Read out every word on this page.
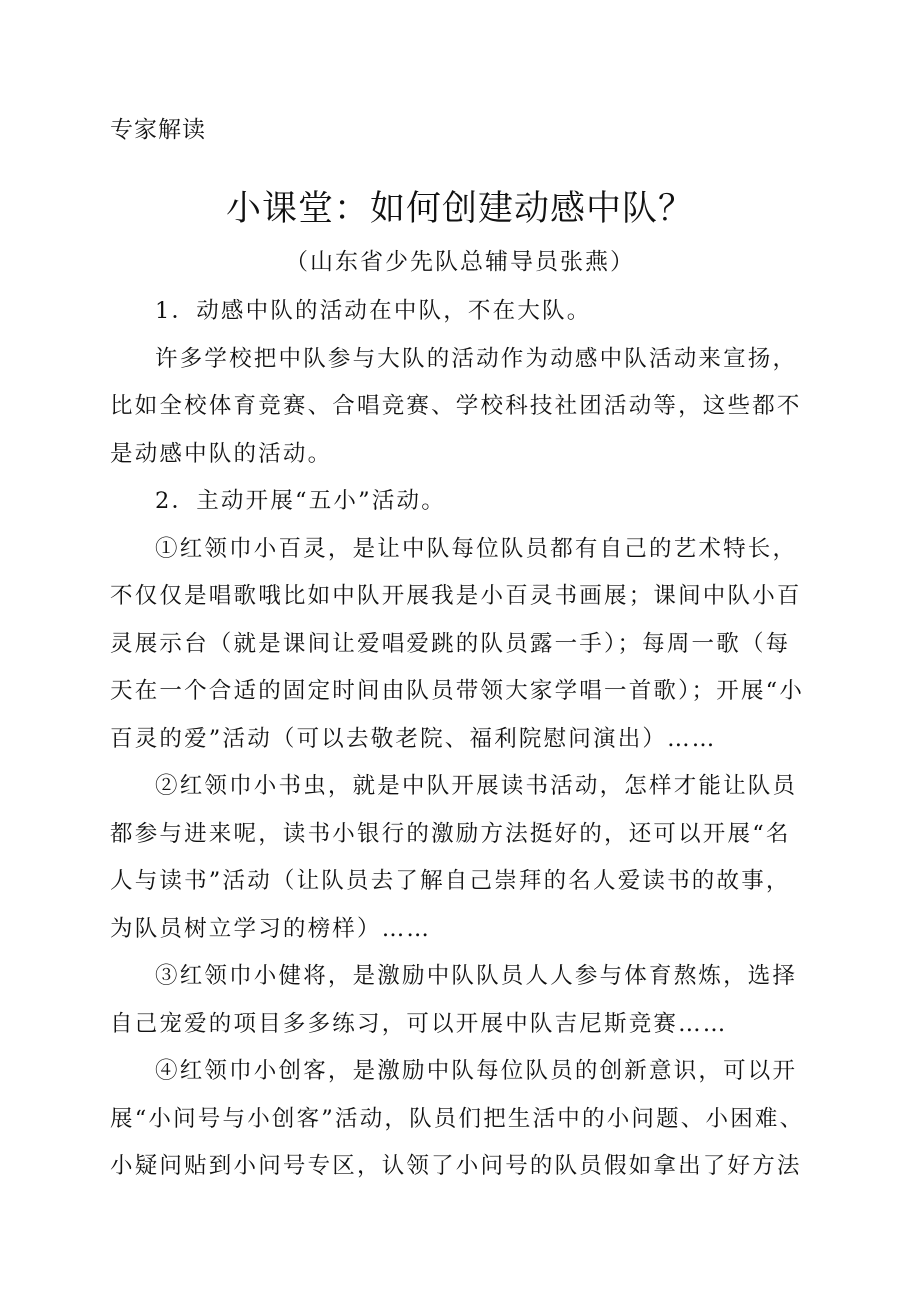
专家解读
小课堂：如何创建动感中队？
（山东省少先队总辅导员张燕）

1．动感中队的活动在中队，不在大队。

许多学校把中队参与大队的活动作为动感中队活动来宣扬，比如全校体育竞赛、合唱竞赛、学校科技社团活动等，这些都不是动感中队的活动。

2．主动开展“五小”活动。

①红领巾小百灵，是让中队每位队员都有自己的艺术特长，不仅仅是唱歌哦比如中队开展我是小百灵书画展；课间中队小百灵展示台（就是课间让爱唱爱跳的队员露一手）；每周一歌（每天在一个合适的固定时间由队员带领大家学唱一首歌）；开展“小百灵的爱”活动（可以去敬老院、福利院慰问演出）……

②红领巾小书虫，就是中队开展读书活动，怎样才能让队员都参与进来呢，读书小银行的激励方法挺好的，还可以开展“名人与读书”活动（让队员去了解自己崇拜的名人爱读书的故事，为队员树立学习的榜样）……

③红领巾小健将，是激励中队队员人人参与体育熬炼，选择自己宠爱的项目多多练习，可以开展中队吉尼斯竞赛……

④红领巾小创客，是激励中队每位队员的创新意识，可以开展“小问号与小创客”活动，队员们把生活中的小问题、小困难、小疑问贴到小问号专区，认领了小问号的队员假如拿出了好方法
